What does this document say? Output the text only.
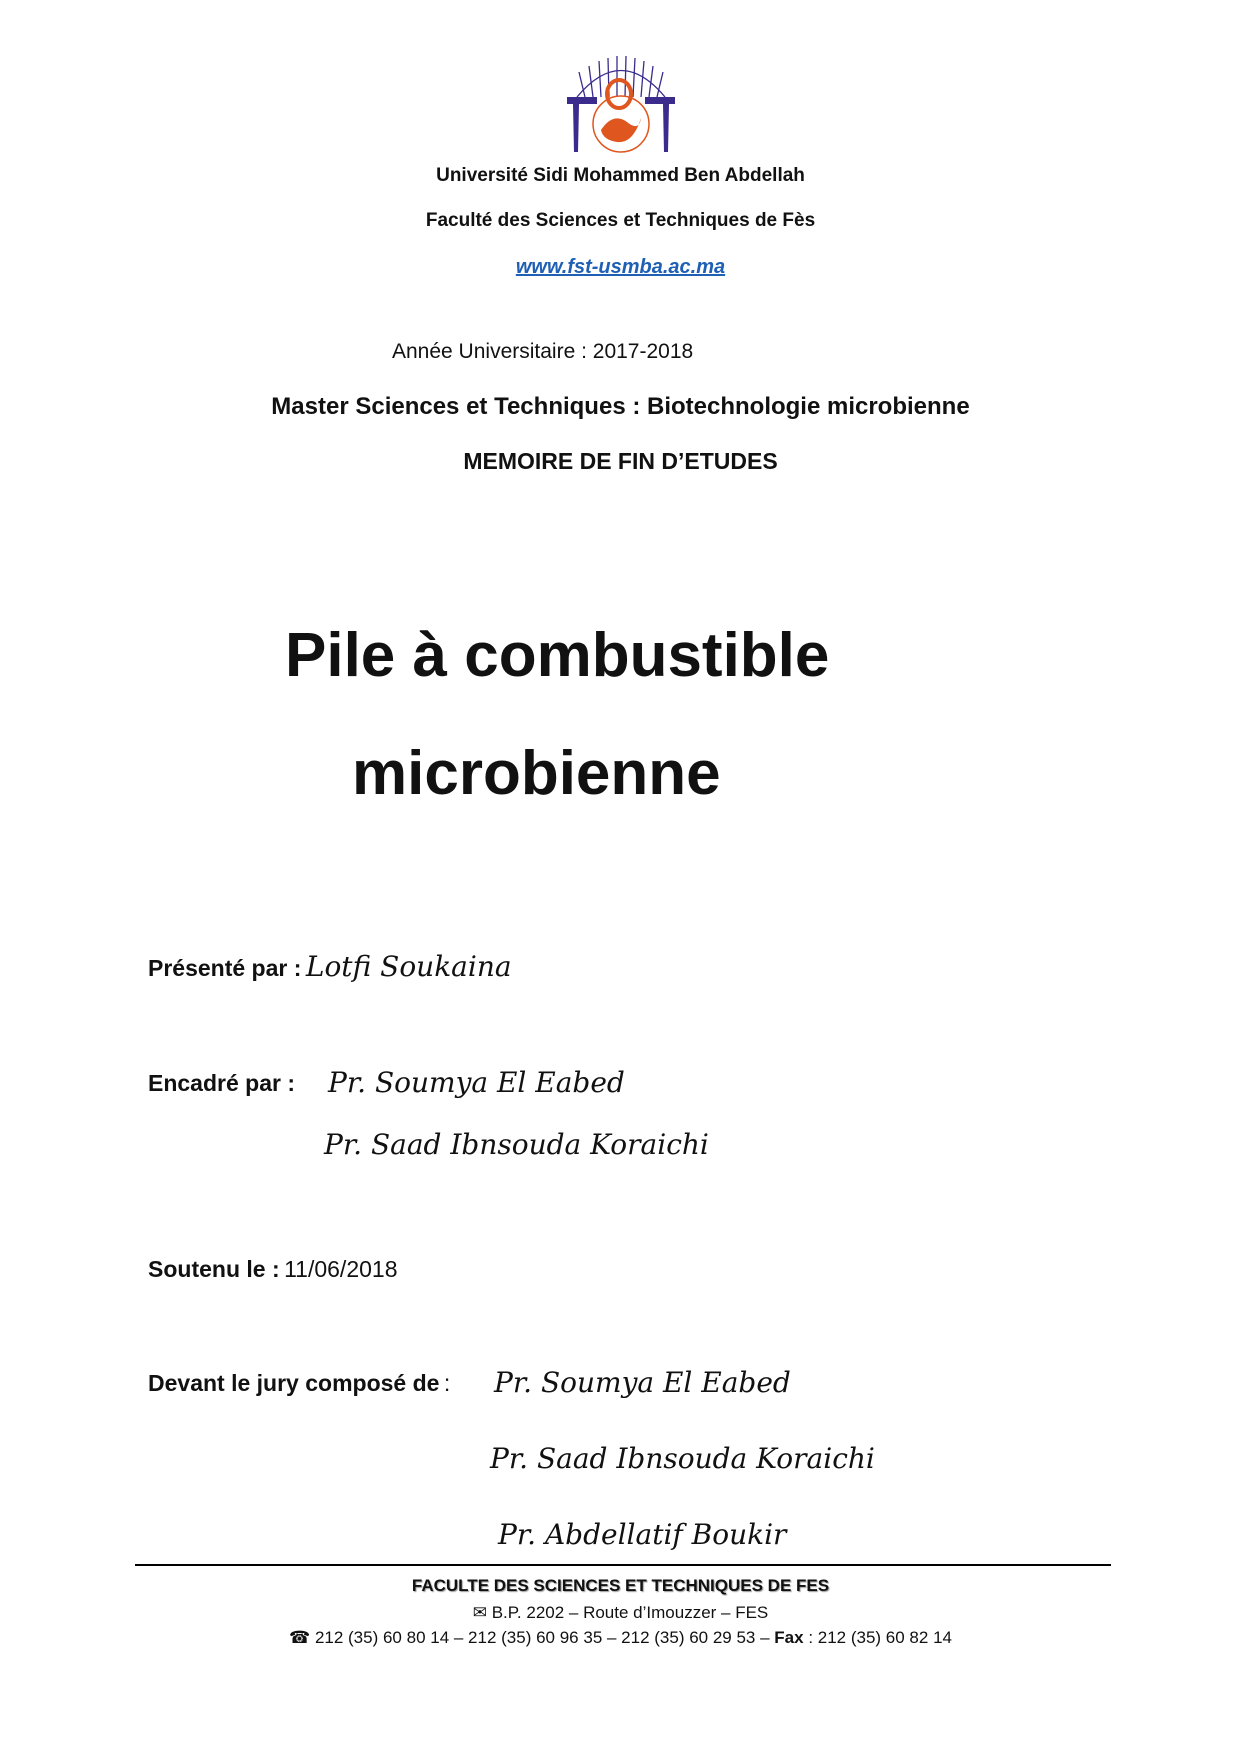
Université Sidi Mohammed Ben Abdellah
Faculté des Sciences et Techniques de Fès
www.fst-usmba.ac.ma
Année Universitaire : 2017-2018
Master Sciences et Techniques : Biotechnologie microbienne
MEMOIRE DE FIN D’ETUDES
Pile à combustible
microbienne
Présenté par : Lotfi Soukaina
Encadré par : Pr. Soumya El Eabed
Pr. Saad Ibnsouda Koraichi
Soutenu le : 11/06/2018
Devant le jury composé de : Pr. Soumya El Eabed
Pr. Saad Ibnsouda Koraichi
Pr. Abdellatif Boukir
FACULTE DES SCIENCES ET TECHNIQUES DE FES
✉ B.P. 2202 – Route d’Imouzzer – FES
☎ 212 (35) 60 80 14 – 212 (35) 60 96 35 – 212 (35) 60 29 53 – Fax : 212 (35) 60 82 14
